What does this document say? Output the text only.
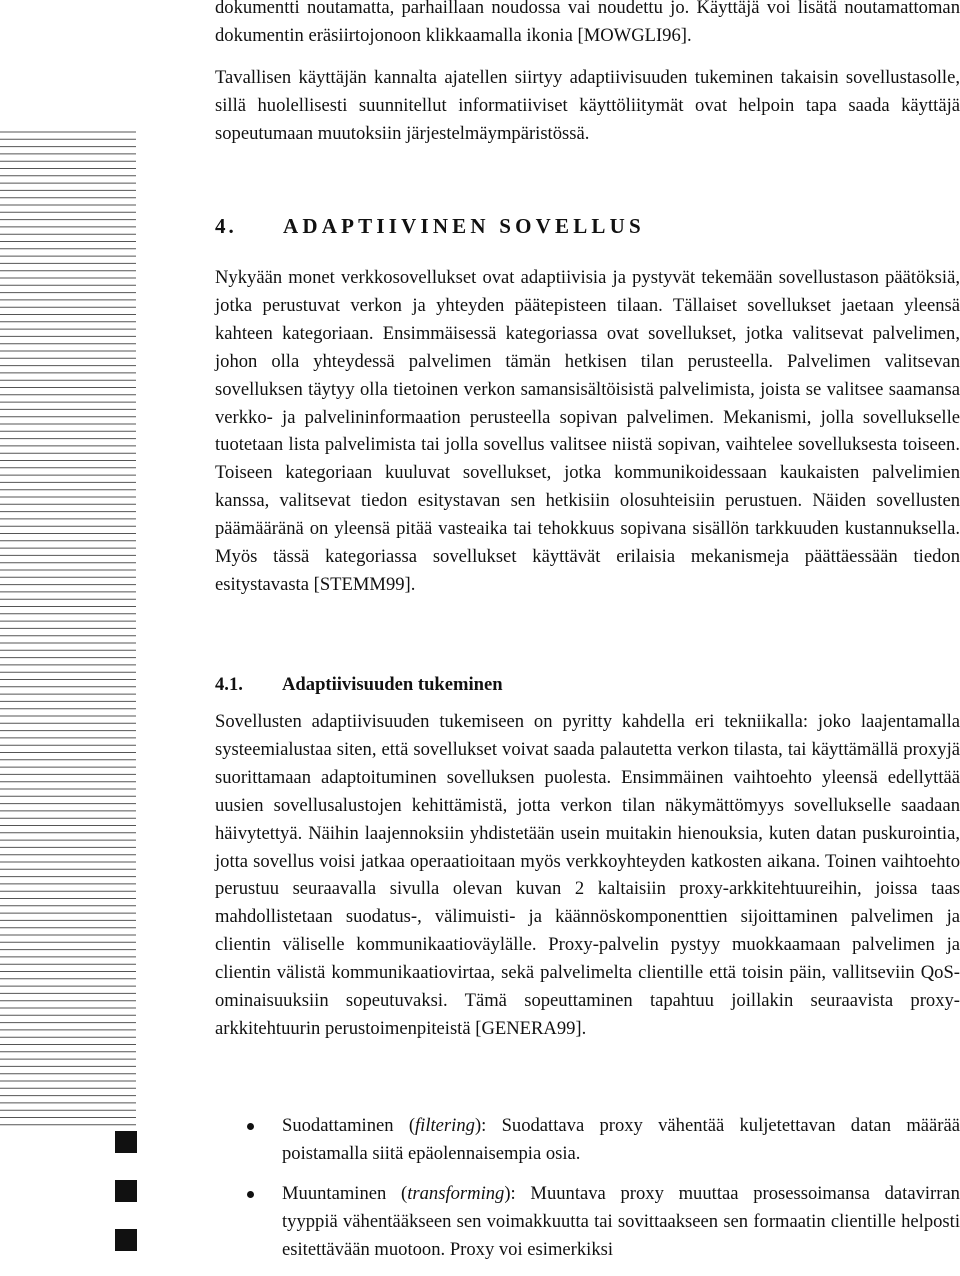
dokumentti noutamatta, parhaillaan noudossa vai noudettu jo. Käyttäjä voi lisätä noutamattoman dokumentin eräsiirtojonoon klikkaamalla ikonia [MOWGLI96].

Tavallisen käyttäjän kannalta ajatellen siirtyy adaptiivisuuden tukeminen takaisin sovellustasolle, sillä huolellisesti suunnitellut informatiiviset käyttöliitymät ovat helpoin tapa saada käyttäjä sopeutumaan muutoksiin järjestelmäympäristössä.

4. ADAPTIIVINEN SOVELLUS

Nykyään monet verkkosovellukset ovat adaptiivisia ja pystyvät tekemään sovellustason päätöksiä, jotka perustuvat verkon ja yhteyden päätepisteen tilaan. Tällaiset sovellukset jaetaan yleensä kahteen kategoriaan. Ensimmäisessä kategoriassa ovat sovellukset, jotka valitsevat palvelimen, johon olla yhteydessä palvelimen tämän hetkisen tilan perusteella. Palvelimen valitsevan sovelluksen täytyy olla tietoinen verkon samansisältöisistä palvelimista, joista se valitsee saamansa verkko- ja palvelininformaation perusteella sopivan palvelimen. Mekanismi, jolla sovellukselle tuotetaan lista palvelimista tai jolla sovellus valitsee niistä sopivan, vaihtelee sovelluksesta toiseen. Toiseen kategoriaan kuuluvat sovellukset, jotka kommunikoidessaan kaukaisten palvelimien kanssa, valitsevat tiedon esitystavan sen hetkisiin olosuhteisiin perustuen. Näiden sovellusten päämääränä on yleensä pitää vasteaika tai tehokkuus sopivana sisällön tarkkuuden kustannuksella. Myös tässä kategoriassa sovellukset käyttävät erilaisia mekanismeja päättäessään tiedon esitystavasta [STEMM99].

4.1. Adaptiivisuuden tukeminen

Sovellusten adaptiivisuuden tukemiseen on pyritty kahdella eri tekniikalla: joko laajentamalla systeemialustaa siten, että sovellukset voivat saada palautetta verkon tilasta, tai käyttämällä proxyjä suorittamaan adaptoituminen sovelluksen puolesta. Ensimmäinen vaihtoehto yleensä edellyttää uusien sovellusalustojen kehittämistä, jotta verkon tilan näkymättömyys sovellukselle saadaan häivytettyä. Näihin laajennoksiin yhdistetään usein muitakin hienouksia, kuten datan puskurointia, jotta sovellus voisi jatkaa operaatioitaan myös verkkoyhteyden katkosten aikana. Toinen vaihtoehto perustuu seuraavalla sivulla olevan kuvan 2 kaltaisiin proxy-arkkitehtuureihin, joissa taas mahdollistetaan suodatus-, välimuisti- ja käännöskomponenttien sijoittaminen palvelimen ja clientin väliselle kommunikaatioväylälle. Proxy-palvelin pystyy muokkaamaan palvelimen ja clientin välistä kommunikaatiovirtaa, sekä palvelimelta clientille että toisin päin, vallitseviin QoS-ominaisuuksiin sopeutuvaksi. Tämä sopeuttaminen tapahtuu joillakin seuraavista proxy-arkkitehtuurin perustoimenpiteistä [GENERA99].

Suodattaminen (filtering): Suodattava proxy vähentää kuljetettavan datan määrää poistamalla siitä epäolennaisempia osia.

Muuntaminen (transforming): Muuntava proxy muuttaa prosessoimansa datavirran tyyppiä vähentääkseen sen voimakkuutta tai sovittaakseen sen formaatin clientille helposti esitettävään muotoon. Proxy voi esimerkiksi
